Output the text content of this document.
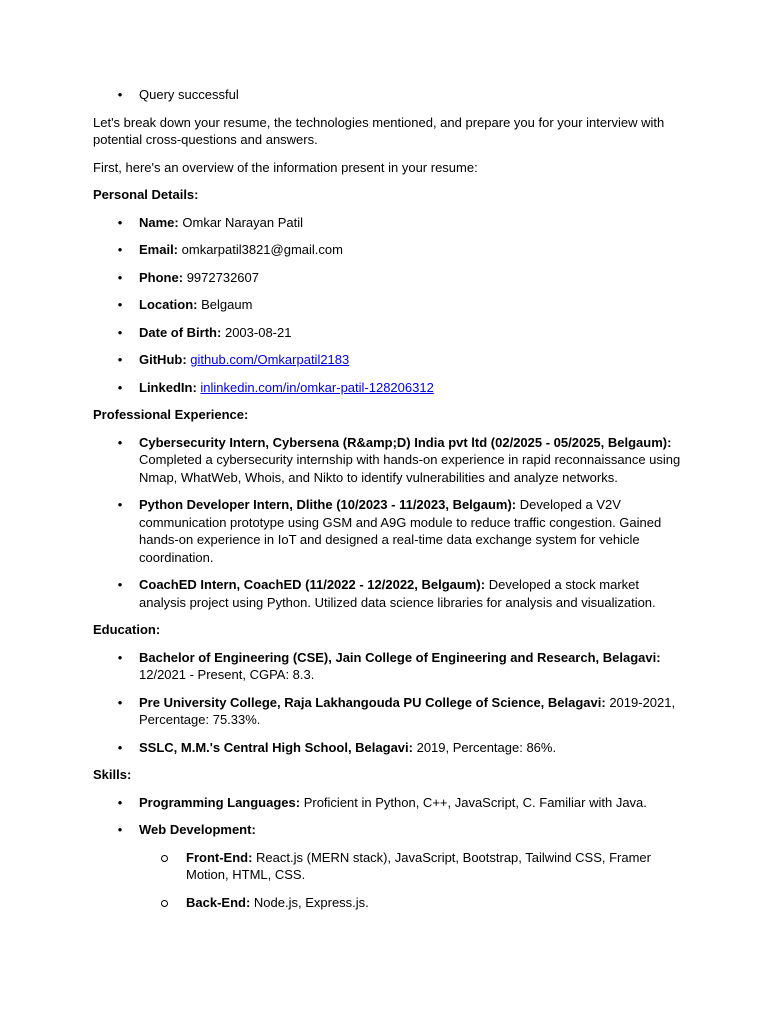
• Query successful

Let's break down your resume, the technologies mentioned, and prepare you for your interview with potential cross-questions and answers.

First, here's an overview of the information present in your resume:

Personal Details:
• Name: Omkar Narayan Patil
• Email: omkarpatil3821@gmail.com
• Phone: 9972732607
• Location: Belgaum
• Date of Birth: 2003-08-21
• GitHub: github.com/Omkarpatil2183
• LinkedIn: inlinkedin.com/in/omkar-patil-128206312
Professional Experience:
• Cybersecurity Intern, Cybersena (R&amp;D) India pvt ltd (02/2025 - 05/2025, Belgaum): Completed a cybersecurity internship with hands-on experience in rapid reconnaissance using Nmap, WhatWeb, Whois, and Nikto to identify vulnerabilities and analyze networks.
• Python Developer Intern, Dlithe (10/2023 - 11/2023, Belgaum): Developed a V2V communication prototype using GSM and A9G module to reduce traffic congestion. Gained hands-on experience in IoT and designed a real-time data exchange system for vehicle coordination.
• CoachED Intern, CoachED (11/2022 - 12/2022, Belgaum): Developed a stock market analysis project using Python. Utilized data science libraries for analysis and visualization.
Education:
• Bachelor of Engineering (CSE), Jain College of Engineering and Research, Belagavi: 12/2021 - Present, CGPA: 8.3.
• Pre University College, Raja Lakhangouda PU College of Science, Belagavi: 2019-2021, Percentage: 75.33%.
• SSLC, M.M.'s Central High School, Belagavi: 2019, Percentage: 86%.
Skills:
• Programming Languages: Proficient in Python, C++, JavaScript, C. Familiar with Java.
• Web Development:
Front-End: React.js (MERN stack), JavaScript, Bootstrap, Tailwind CSS, Framer Motion, HTML, CSS.
Back-End: Node.js, Express.js.
